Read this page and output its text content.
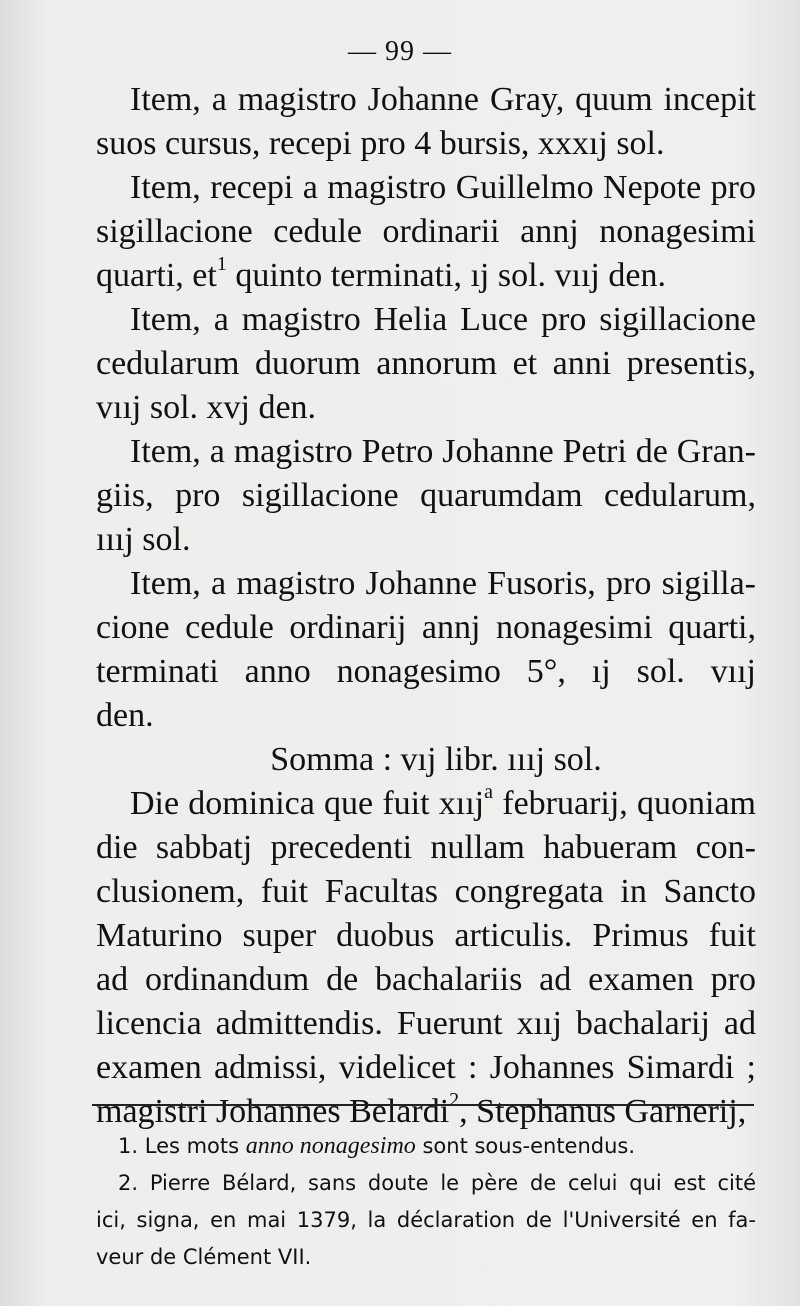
— 99 —
Item, a magistro Johanne Gray, quum incepit
suos cursus, recepi pro 4 bursis, xxxıj sol.
Item, recepi a magistro Guillelmo Nepote pro
sigillacione cedule ordinarii annj nonagesimi
quarti, $et^1$ quinto terminati, ıj sol. vııj den.
Item, a magistro Helia Luce pro sigillacione
cedularum duorum annorum et anni presentis,
vııj sol. xvj den.
Item, a magistro Petro Johanne Petri de Gran-
giis, pro sigillacione quarumdam cedularum,
ıııj sol.
Item, a magistro Johanne Fusoris, pro sigilla-
cione cedule ordinarij annj nonagesimi quarti,
terminati anno nonagesimo 5°, ıj sol. vııj
den.
Somma : vıj libr. ıııj sol.
Die dominica que fuit xııj$^a$ februarij, quoniam
die sabbatj precedenti nullam habueram con-
clusionem, fuit Facultas congregata in Sancto
Maturino super duobus articulis. Primus fuit
ad ordinandum de bachalariis ad examen pro
licencia admittendis. Fuerunt xııj bachalarij ad
examen admissi, videlicet : Johannes Simardi ;
magistri Johannes Belardi$^2$, Stephanus Garnerij,
1. Les mots anno nonagesimo sont sous-entendus.
2. Pierre Bélard, sans doute le père de celui qui est cité
ici, signa, en mai 1379, la déclaration de l'Université en fa-
veur de Clément VII.
